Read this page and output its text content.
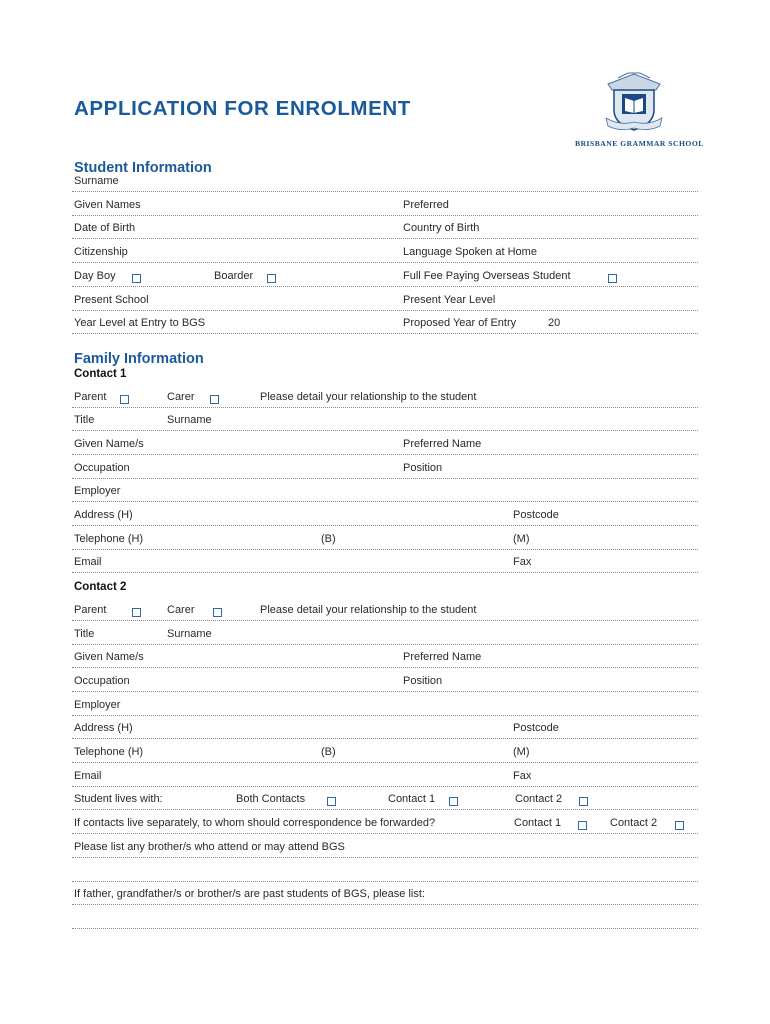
APPLICATION FOR ENROLMENT
BRISBANE GRAMMAR SCHOOL
Student Information
Surname
Given Names	Preferred
Date of Birth	Country of Birth
Citizenship	Language Spoken at Home
Day Boy	Boarder	Full Fee Paying Overseas Student
Present School	Present Year Level
Year Level at Entry to BGS	Proposed Year of Entry	20
Family Information
Contact 1
Parent	Carer	Please detail your relationship to the student
Title	Surname
Given Name/s	Preferred Name
Occupation	Position
Employer
Address (H)	Postcode
Telephone (H)	(B)	(M)
Email	Fax
Contact 2
Parent	Carer	Please detail your relationship to the student
Title	Surname
Given Name/s	Preferred Name
Occupation	Position
Employer
Address (H)	Postcode
Telephone (H)	(B)	(M)
Email	Fax
Student lives with:	Both Contacts	Contact 1	Contact 2
If contacts live separately, to whom should correspondence be forwarded?	Contact 1	Contact 2
Please list any brother/s who attend or may attend BGS
If father, grandfather/s or brother/s are past students of BGS, please list:
